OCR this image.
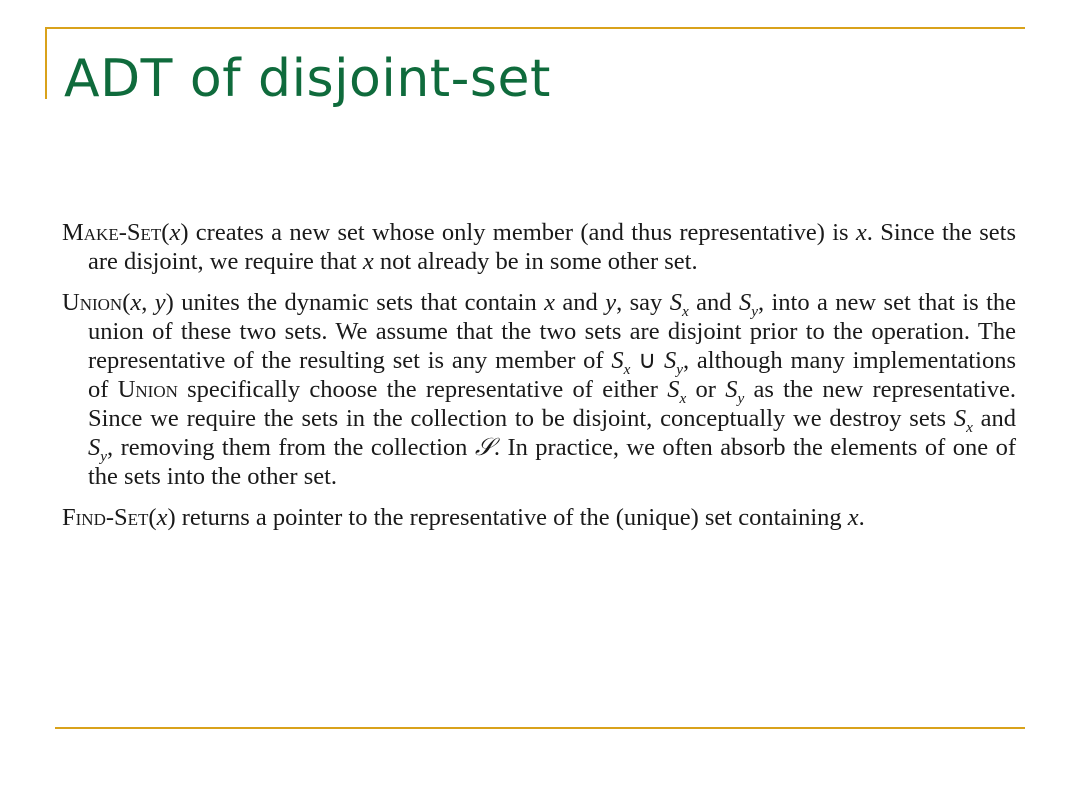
ADT of disjoint-set

Make-Set(x) creates a new set whose only member (and thus representative) is x. Since the sets are disjoint, we require that x not already be in some other set.

Union(x, y) unites the dynamic sets that contain x and y, say $S_x$ and $S_y$, into a new set that is the union of these two sets. We assume that the two sets are disjoint prior to the operation. The representative of the resulting set is any member of $S_x$ ∪ $S_y$, although many implementations of Union specifically choose the representative of either $S_x$ or $S_y$ as the new representative. Since we require the sets in the collection to be disjoint, conceptually we destroy sets $S_x$ and $S_y$, removing them from the collection 𝒮. In practice, we often absorb the elements of one of the sets into the other set.

Find-Set(x) returns a pointer to the representative of the (unique) set containing x.
